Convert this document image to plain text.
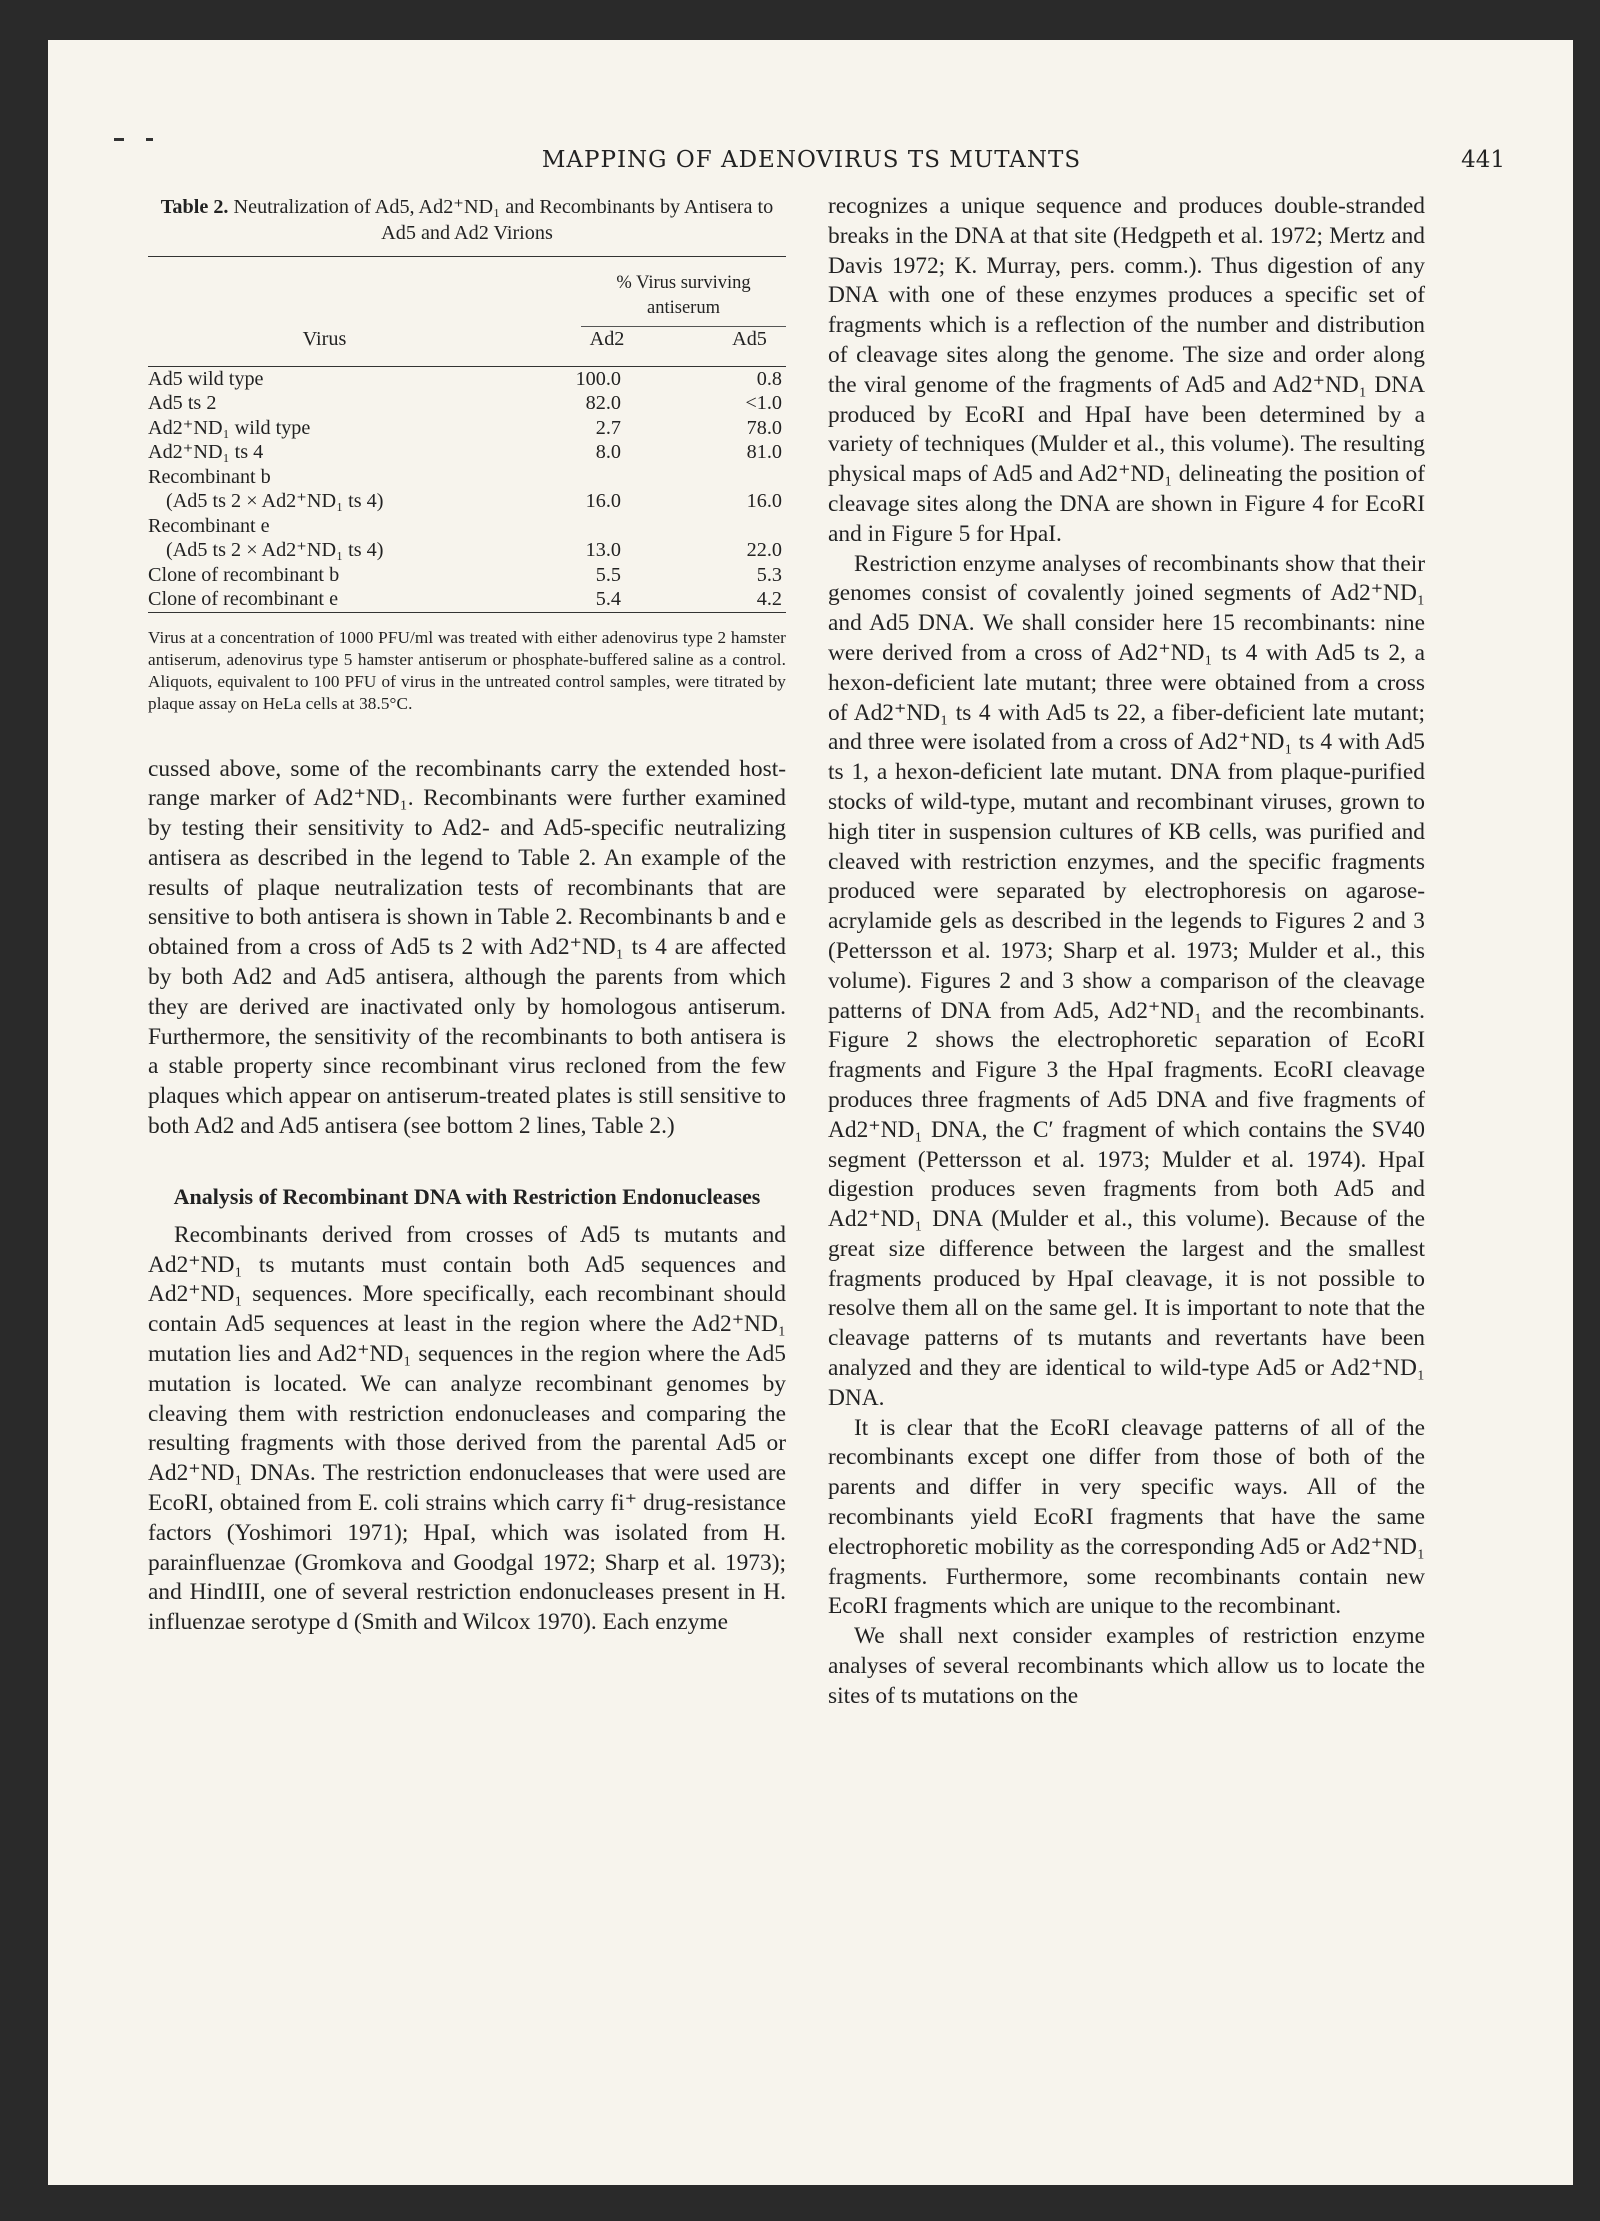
MAPPING OF ADENOVIRUS TS MUTANTS	441
Table 2. Neutralization of Ad5, Ad2⁺ND₁ and Recombinants by Antisera to Ad5 and Ad2 Virions
Virus	% Virus surviving antiserum	

	Ad2	Ad5
Ad5 wild type	100.0	0.8
Ad5 ts 2	82.0	<1.0
Ad2⁺ND₁ wild type	2.7	78.0
Ad2⁺ND₁ ts 4	8.0	81.0
Recombinant b		
(Ad5 ts 2 × Ad2⁺ND₁ ts 4)	16.0	16.0
Recombinant e		
(Ad5 ts 2 × Ad2⁺ND₁ ts 4)	13.0	22.0
Clone of recombinant b	5.5	5.3
Clone of recombinant e	5.4	4.2
Virus at a concentration of 1000 PFU/ml was treated with either adenovirus type 2 hamster antiserum, adenovirus type 5 hamster antiserum or phosphate-buffered saline as a control. Aliquots, equivalent to 100 PFU of virus in the untreated control samples, were titrated by plaque assay on HeLa cells at 38.5°C.

cussed above, some of the recombinants carry the extended host-range marker of Ad2⁺ND₁. Recombinants were further examined by testing their sensitivity to Ad2- and Ad5-specific neutralizing antisera as described in the legend to Table 2. An example of the results of plaque neutralization tests of recombinants that are sensitive to both antisera is shown in Table 2. Recombinants b and e obtained from a cross of Ad5 ts 2 with Ad2⁺ND₁ ts 4 are affected by both Ad2 and Ad5 antisera, although the parents from which they are derived are inactivated only by homologous antiserum. Furthermore, the sensitivity of the recombinants to both antisera is a stable property since recombinant virus recloned from the few plaques which appear on antiserum-treated plates is still sensitive to both Ad2 and Ad5 antisera (see bottom 2 lines, Table 2.)

Analysis of Recombinant DNA with Restriction Endonucleases

Recombinants derived from crosses of Ad5 ts mutants and Ad2⁺ND₁ ts mutants must contain both Ad5 sequences and Ad2⁺ND₁ sequences. More specifically, each recombinant should contain Ad5 sequences at least in the region where the Ad2⁺ND₁ mutation lies and Ad2⁺ND₁ sequences in the region where the Ad5 mutation is located. We can analyze recombinant genomes by cleaving them with restriction endonucleases and comparing the resulting fragments with those derived from the parental Ad5 or Ad2⁺ND₁ DNAs. The restriction endonucleases that were used are EcoRI, obtained from E. coli strains which carry fi⁺ drug-resistance factors (Yoshimori 1971); HpaI, which was isolated from H. parainfluenzae (Gromkova and Goodgal 1972; Sharp et al. 1973); and HindIII, one of several restriction endonucleases present in H. influenzae serotype d (Smith and Wilcox 1970). Each enzyme

recognizes a unique sequence and produces double-stranded breaks in the DNA at that site (Hedgpeth et al. 1972; Mertz and Davis 1972; K. Murray, pers. comm.). Thus digestion of any DNA with one of these enzymes produces a specific set of fragments which is a reflection of the number and distribution of cleavage sites along the genome. The size and order along the viral genome of the fragments of Ad5 and Ad2⁺ND₁ DNA produced by EcoRI and HpaI have been determined by a variety of techniques (Mulder et al., this volume). The resulting physical maps of Ad5 and Ad2⁺ND₁ delineating the position of cleavage sites along the DNA are shown in Figure 4 for EcoRI and in Figure 5 for HpaI.

Restriction enzyme analyses of recombinants show that their genomes consist of covalently joined segments of Ad2⁺ND₁ and Ad5 DNA. We shall consider here 15 recombinants: nine were derived from a cross of Ad2⁺ND₁ ts 4 with Ad5 ts 2, a hexon-deficient late mutant; three were obtained from a cross of Ad2⁺ND₁ ts 4 with Ad5 ts 22, a fiber-deficient late mutant; and three were isolated from a cross of Ad2⁺ND₁ ts 4 with Ad5 ts 1, a hexon-deficient late mutant. DNA from plaque-purified stocks of wild-type, mutant and recombinant viruses, grown to high titer in suspension cultures of KB cells, was purified and cleaved with restriction enzymes, and the specific fragments produced were separated by electrophoresis on agarose-acrylamide gels as described in the legends to Figures 2 and 3 (Pettersson et al. 1973; Sharp et al. 1973; Mulder et al., this volume). Figures 2 and 3 show a comparison of the cleavage patterns of DNA from Ad5, Ad2⁺ND₁ and the recombinants. Figure 2 shows the electrophoretic separation of EcoRI fragments and Figure 3 the HpaI fragments. EcoRI cleavage produces three fragments of Ad5 DNA and five fragments of Ad2⁺ND₁ DNA, the C′ fragment of which contains the SV40 segment (Pettersson et al. 1973; Mulder et al. 1974). HpaI digestion produces seven fragments from both Ad5 and Ad2⁺ND₁ DNA (Mulder et al., this volume). Because of the great size difference between the largest and the smallest fragments produced by HpaI cleavage, it is not possible to resolve them all on the same gel. It is important to note that the cleavage patterns of ts mutants and revertants have been analyzed and they are identical to wild-type Ad5 or Ad2⁺ND₁ DNA.

It is clear that the EcoRI cleavage patterns of all of the recombinants except one differ from those of both of the parents and differ in very specific ways. All of the recombinants yield EcoRI fragments that have the same electrophoretic mobility as the corresponding Ad5 or Ad2⁺ND₁ fragments. Furthermore, some recombinants contain new EcoRI fragments which are unique to the recombinant.

We shall next consider examples of restriction enzyme analyses of several recombinants which allow us to locate the sites of ts mutations on the
